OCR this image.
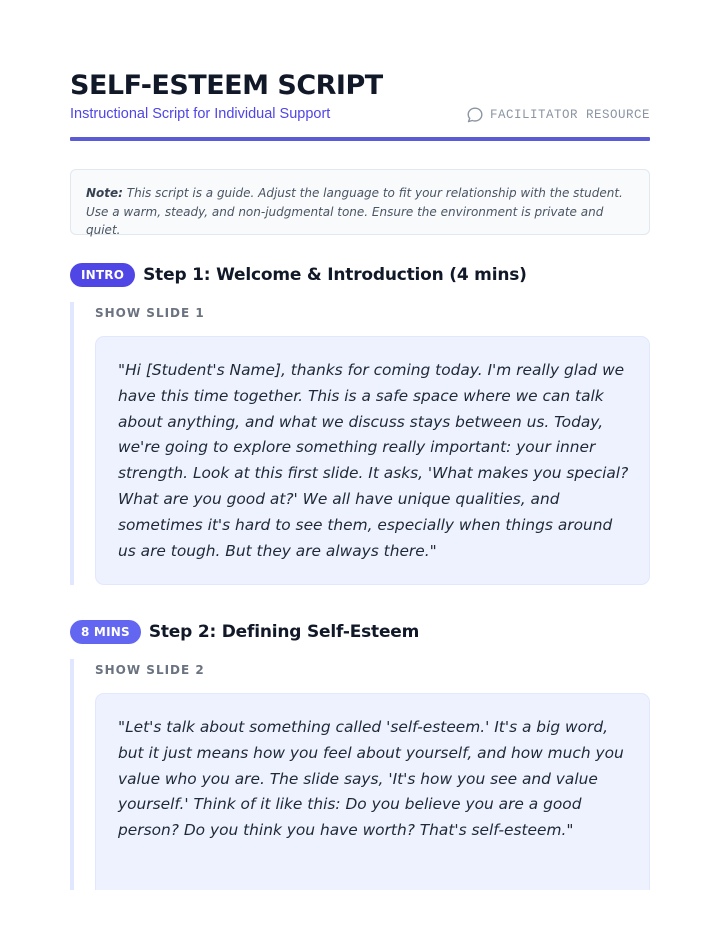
SELF-ESTEEM SCRIPT
Instructional Script for Individual Support	FACILITATOR RESOURCE
Note: This script is a guide. Adjust the language to fit your relationship with the student. Use a warm, steady, and non-judgmental tone. Ensure the environment is private and quiet.
INTRO	Step 1: Welcome & Introduction (4 mins)
SHOW SLIDE 1
"Hi [Student's Name], thanks for coming today. I'm really glad we have this time together. This is a safe space where we can talk about anything, and what we discuss stays between us. Today, we're going to explore something really important: your inner strength. Look at this first slide. It asks, 'What makes you special? What are you good at?' We all have unique qualities, and sometimes it's hard to see them, especially when things around us are tough. But they are always there."
8 MINS	Step 2: Defining Self-Esteem
SHOW SLIDE 2
"Let's talk about something called 'self-esteem.' It's a big word, but it just means how you feel about yourself, and how much you value who you are. The slide says, 'It's how you see and value yourself.' Think of it like this: Do you believe you are a good person? Do you think you have worth? That's self-esteem."
